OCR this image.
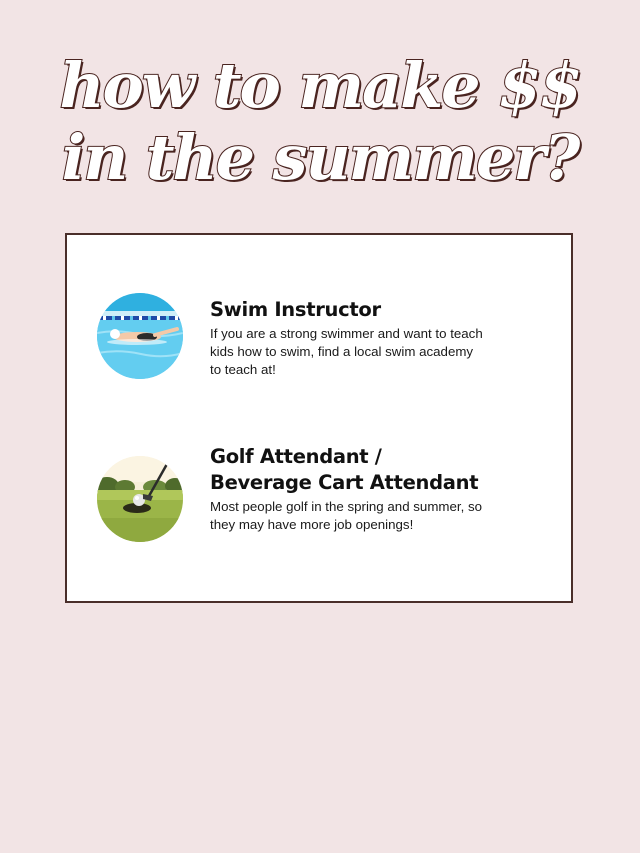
how to make $$
in the summer?
Swim Instructor

If you are a strong swimmer and want to teach kids how to swim, find a local swim academy to teach at!

Golf Attendant /
Beverage Cart Attendant

Most people golf in the spring and summer, so they may have more job openings!
